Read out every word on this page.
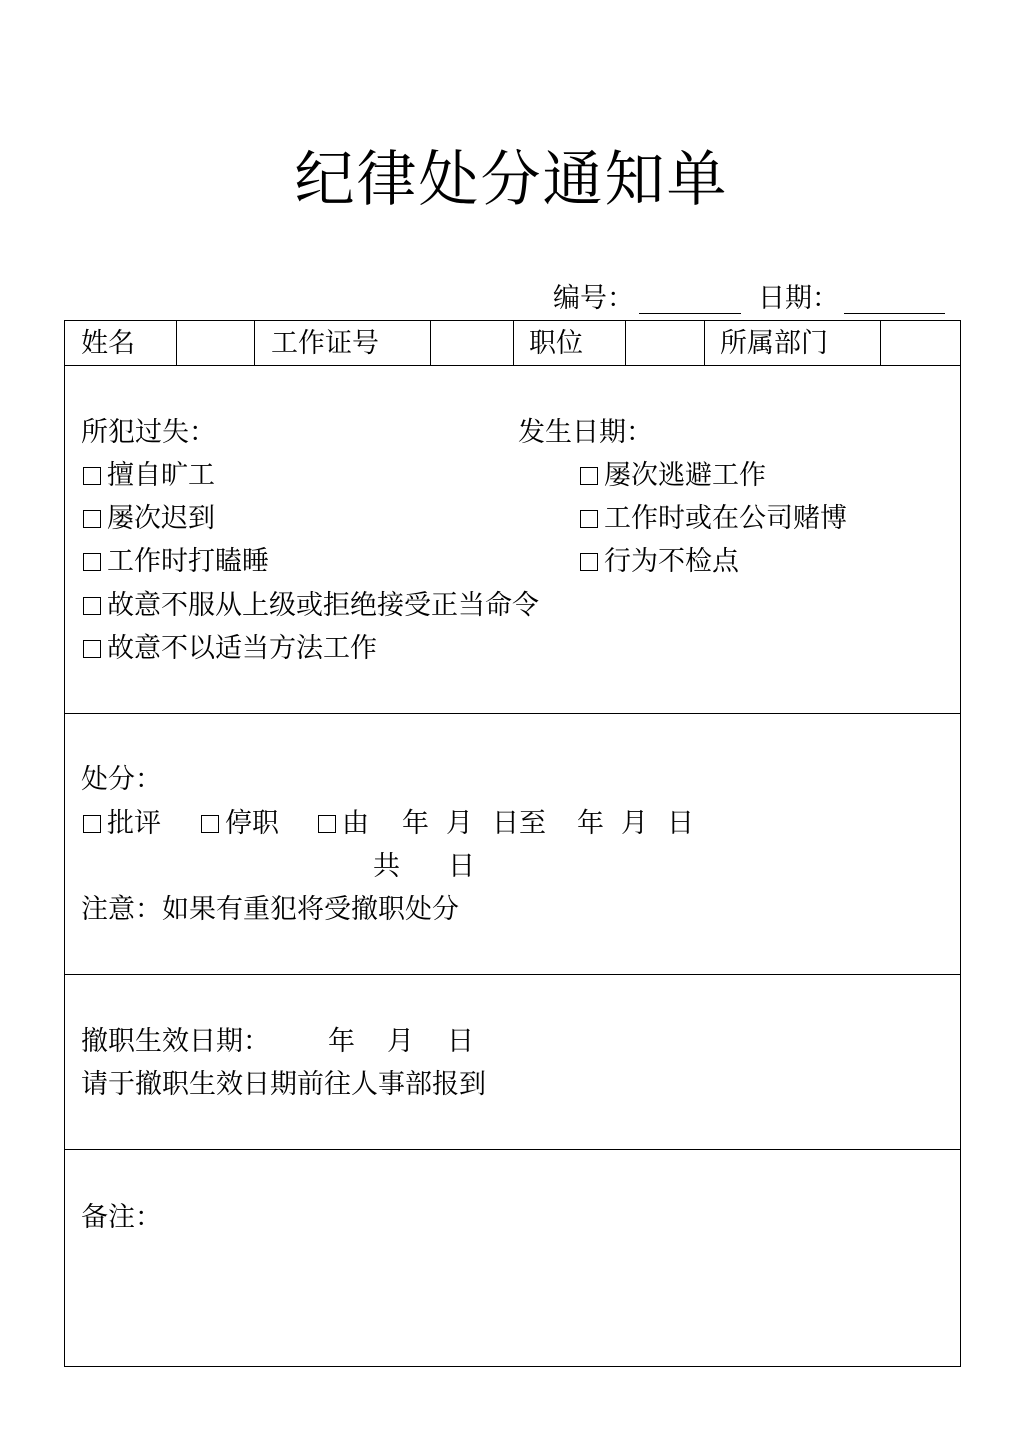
纪律处分通知单
编号：	日期：
姓名	工作证号	职位	所属部门
所犯过失：	发生日期：
擅自旷工
屡次迟到
工作时打瞌睡
故意不服从上级或拒绝接受正当命令
故意不以适当方法工作
屡次逃避工作
工作时或在公司赌博
行为不检点
处分：
批评	停职	由 年 月 日至 年 月 日
共 日
注意：如果有重犯将受撤职处分
撤职生效日期： 年 月 日
请于撤职生效日期前往人事部报到
备注：
